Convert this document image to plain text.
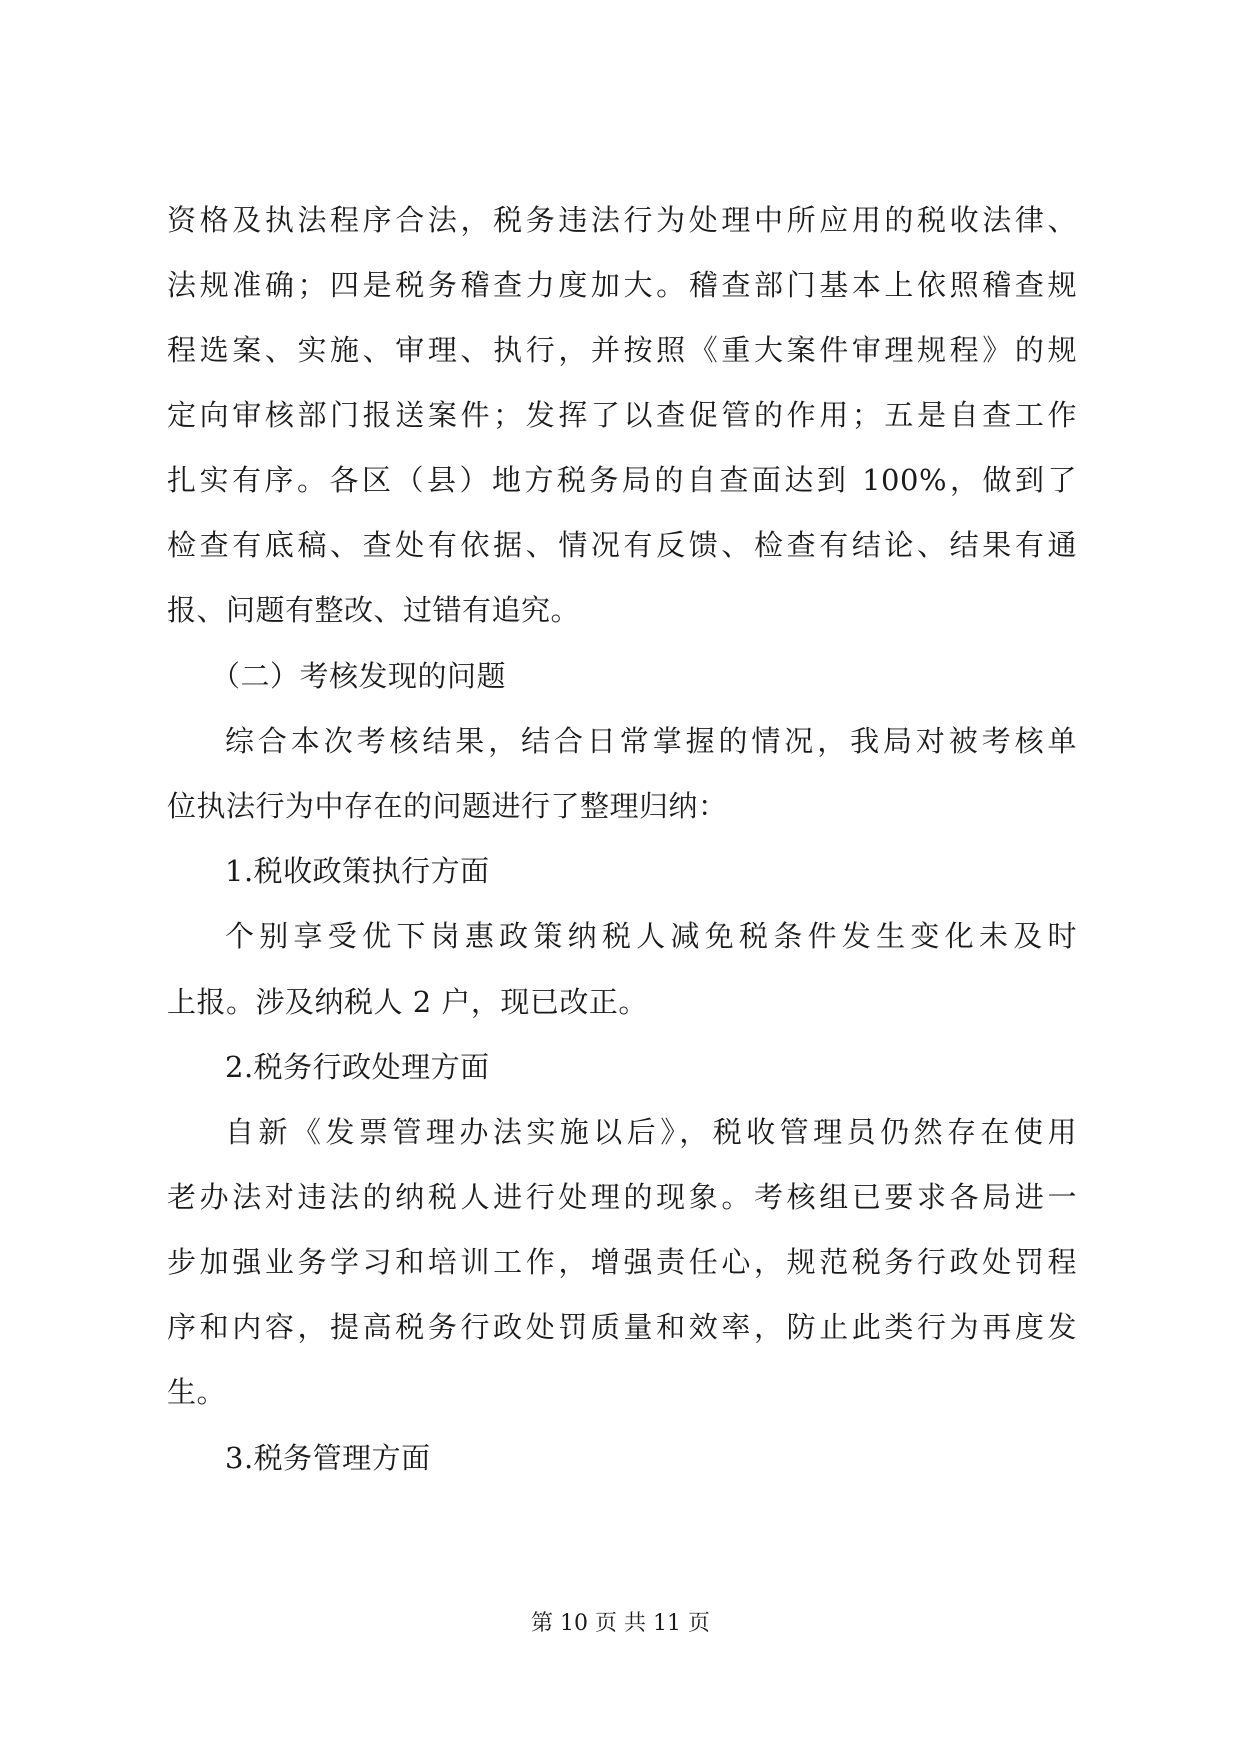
资格及执法程序合法，税务违法行为处理中所应用的税收法律、
法规准确；四是税务稽查力度加大。稽查部门基本上依照稽查规
程选案、实施、审理、执行，并按照《重大案件审理规程》的规
定向审核部门报送案件；发挥了以查促管的作用；五是自查工作
扎实有序。各区（县）地方税务局的自查面达到 100%，做到了
检查有底稿、查处有依据、情况有反馈、检查有结论、结果有通
报、问题有整改、过错有追究。
（二）考核发现的问题
综合本次考核结果，结合日常掌握的情况，我局对被考核单
位执法行为中存在的问题进行了整理归纳：
1.税收政策执行方面
个别享受优下岗惠政策纳税人减免税条件发生变化未及时
上报。涉及纳税人 2 户，现已改正。
2.税务行政处理方面
自新《发票管理办法实施以后》，税收管理员仍然存在使用
老办法对违法的纳税人进行处理的现象。考核组已要求各局进一
步加强业务学习和培训工作，增强责任心，规范税务行政处罚程
序和内容，提高税务行政处罚质量和效率，防止此类行为再度发
生。
3.税务管理方面
第 10 页 共 11 页
